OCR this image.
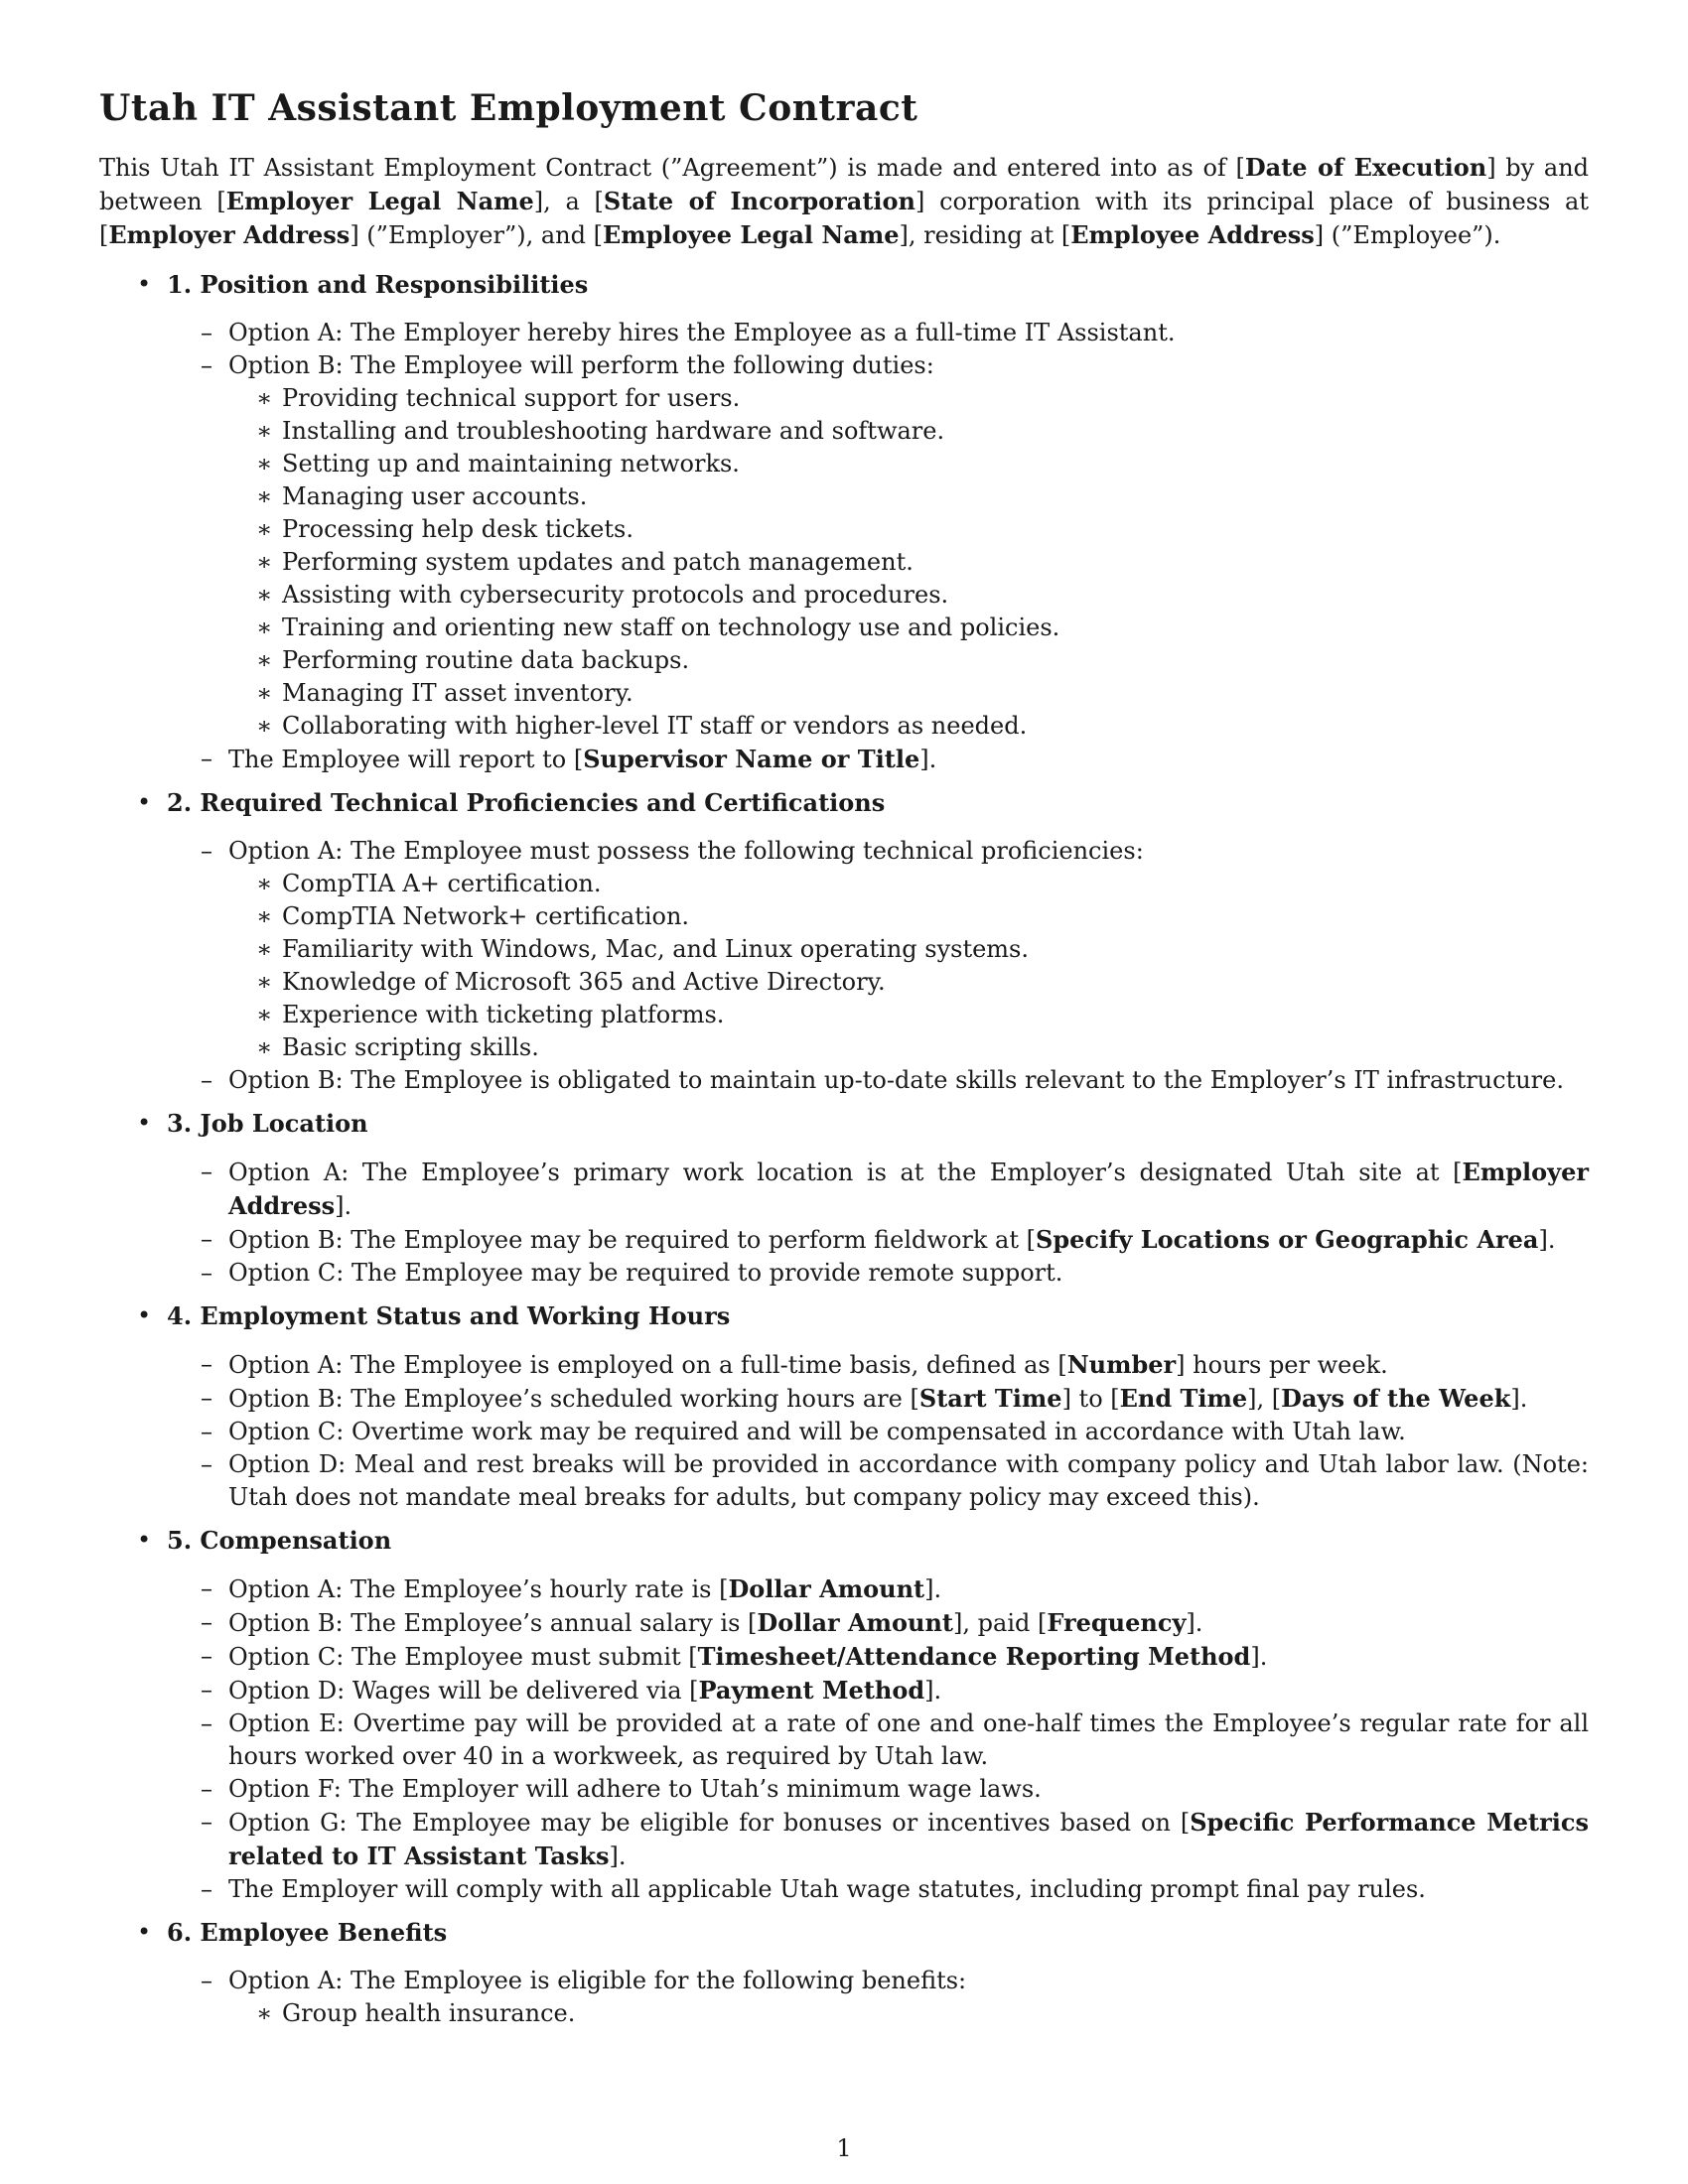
Utah IT Assistant Employment Contract

This Utah IT Assistant Employment Contract (”Agreement”) is made and entered into as of [Date of Execution] by and between [Employer Legal Name], a [State of Incorporation] corporation with its principal place of business at [Employer Address] (”Employer”), and [Employee Legal Name], residing at [Employee Address] (”Employee”).

• 1. Position and Responsibilities
– Option A: The Employer hereby hires the Employee as a full-time IT Assistant.
– Option B: The Employee will perform the following duties:
∗ Providing technical support for users.
∗ Installing and troubleshooting hardware and software.
∗ Setting up and maintaining networks.
∗ Managing user accounts.
∗ Processing help desk tickets.
∗ Performing system updates and patch management.
∗ Assisting with cybersecurity protocols and procedures.
∗ Training and orienting new staff on technology use and policies.
∗ Performing routine data backups.
∗ Managing IT asset inventory.
∗ Collaborating with higher-level IT staff or vendors as needed.
– The Employee will report to [Supervisor Name or Title].
• 2. Required Technical Proficiencies and Certifications
– Option A: The Employee must possess the following technical proficiencies:
∗ CompTIA A+ certification.
∗ CompTIA Network+ certification.
∗ Familiarity with Windows, Mac, and Linux operating systems.
∗ Knowledge of Microsoft 365 and Active Directory.
∗ Experience with ticketing platforms.
∗ Basic scripting skills.
– Option B: The Employee is obligated to maintain up-to-date skills relevant to the Employer’s IT infrastructure.
• 3. Job Location
– Option A: The Employee’s primary work location is at the Employer’s designated Utah site at [Employer Address].
– Option B: The Employee may be required to perform fieldwork at [Specify Locations or Geographic Area].
– Option C: The Employee may be required to provide remote support.
• 4. Employment Status and Working Hours
– Option A: The Employee is employed on a full-time basis, defined as [Number] hours per week.
– Option B: The Employee’s scheduled working hours are [Start Time] to [End Time], [Days of the Week].
– Option C: Overtime work may be required and will be compensated in accordance with Utah law.
– Option D: Meal and rest breaks will be provided in accordance with company policy and Utah labor law. (Note: Utah does not mandate meal breaks for adults, but company policy may exceed this).
• 5. Compensation
– Option A: The Employee’s hourly rate is [Dollar Amount].
– Option B: The Employee’s annual salary is [Dollar Amount], paid [Frequency].
– Option C: The Employee must submit [Timesheet/Attendance Reporting Method].
– Option D: Wages will be delivered via [Payment Method].
– Option E: Overtime pay will be provided at a rate of one and one-half times the Employee’s regular rate for all hours worked over 40 in a workweek, as required by Utah law.
– Option F: The Employer will adhere to Utah’s minimum wage laws.
– Option G: The Employee may be eligible for bonuses or incentives based on [Specific Performance Metrics related to IT Assistant Tasks].
– The Employer will comply with all applicable Utah wage statutes, including prompt final pay rules.
• 6. Employee Benefits
– Option A: The Employee is eligible for the following benefits:
∗ Group health insurance.
1
